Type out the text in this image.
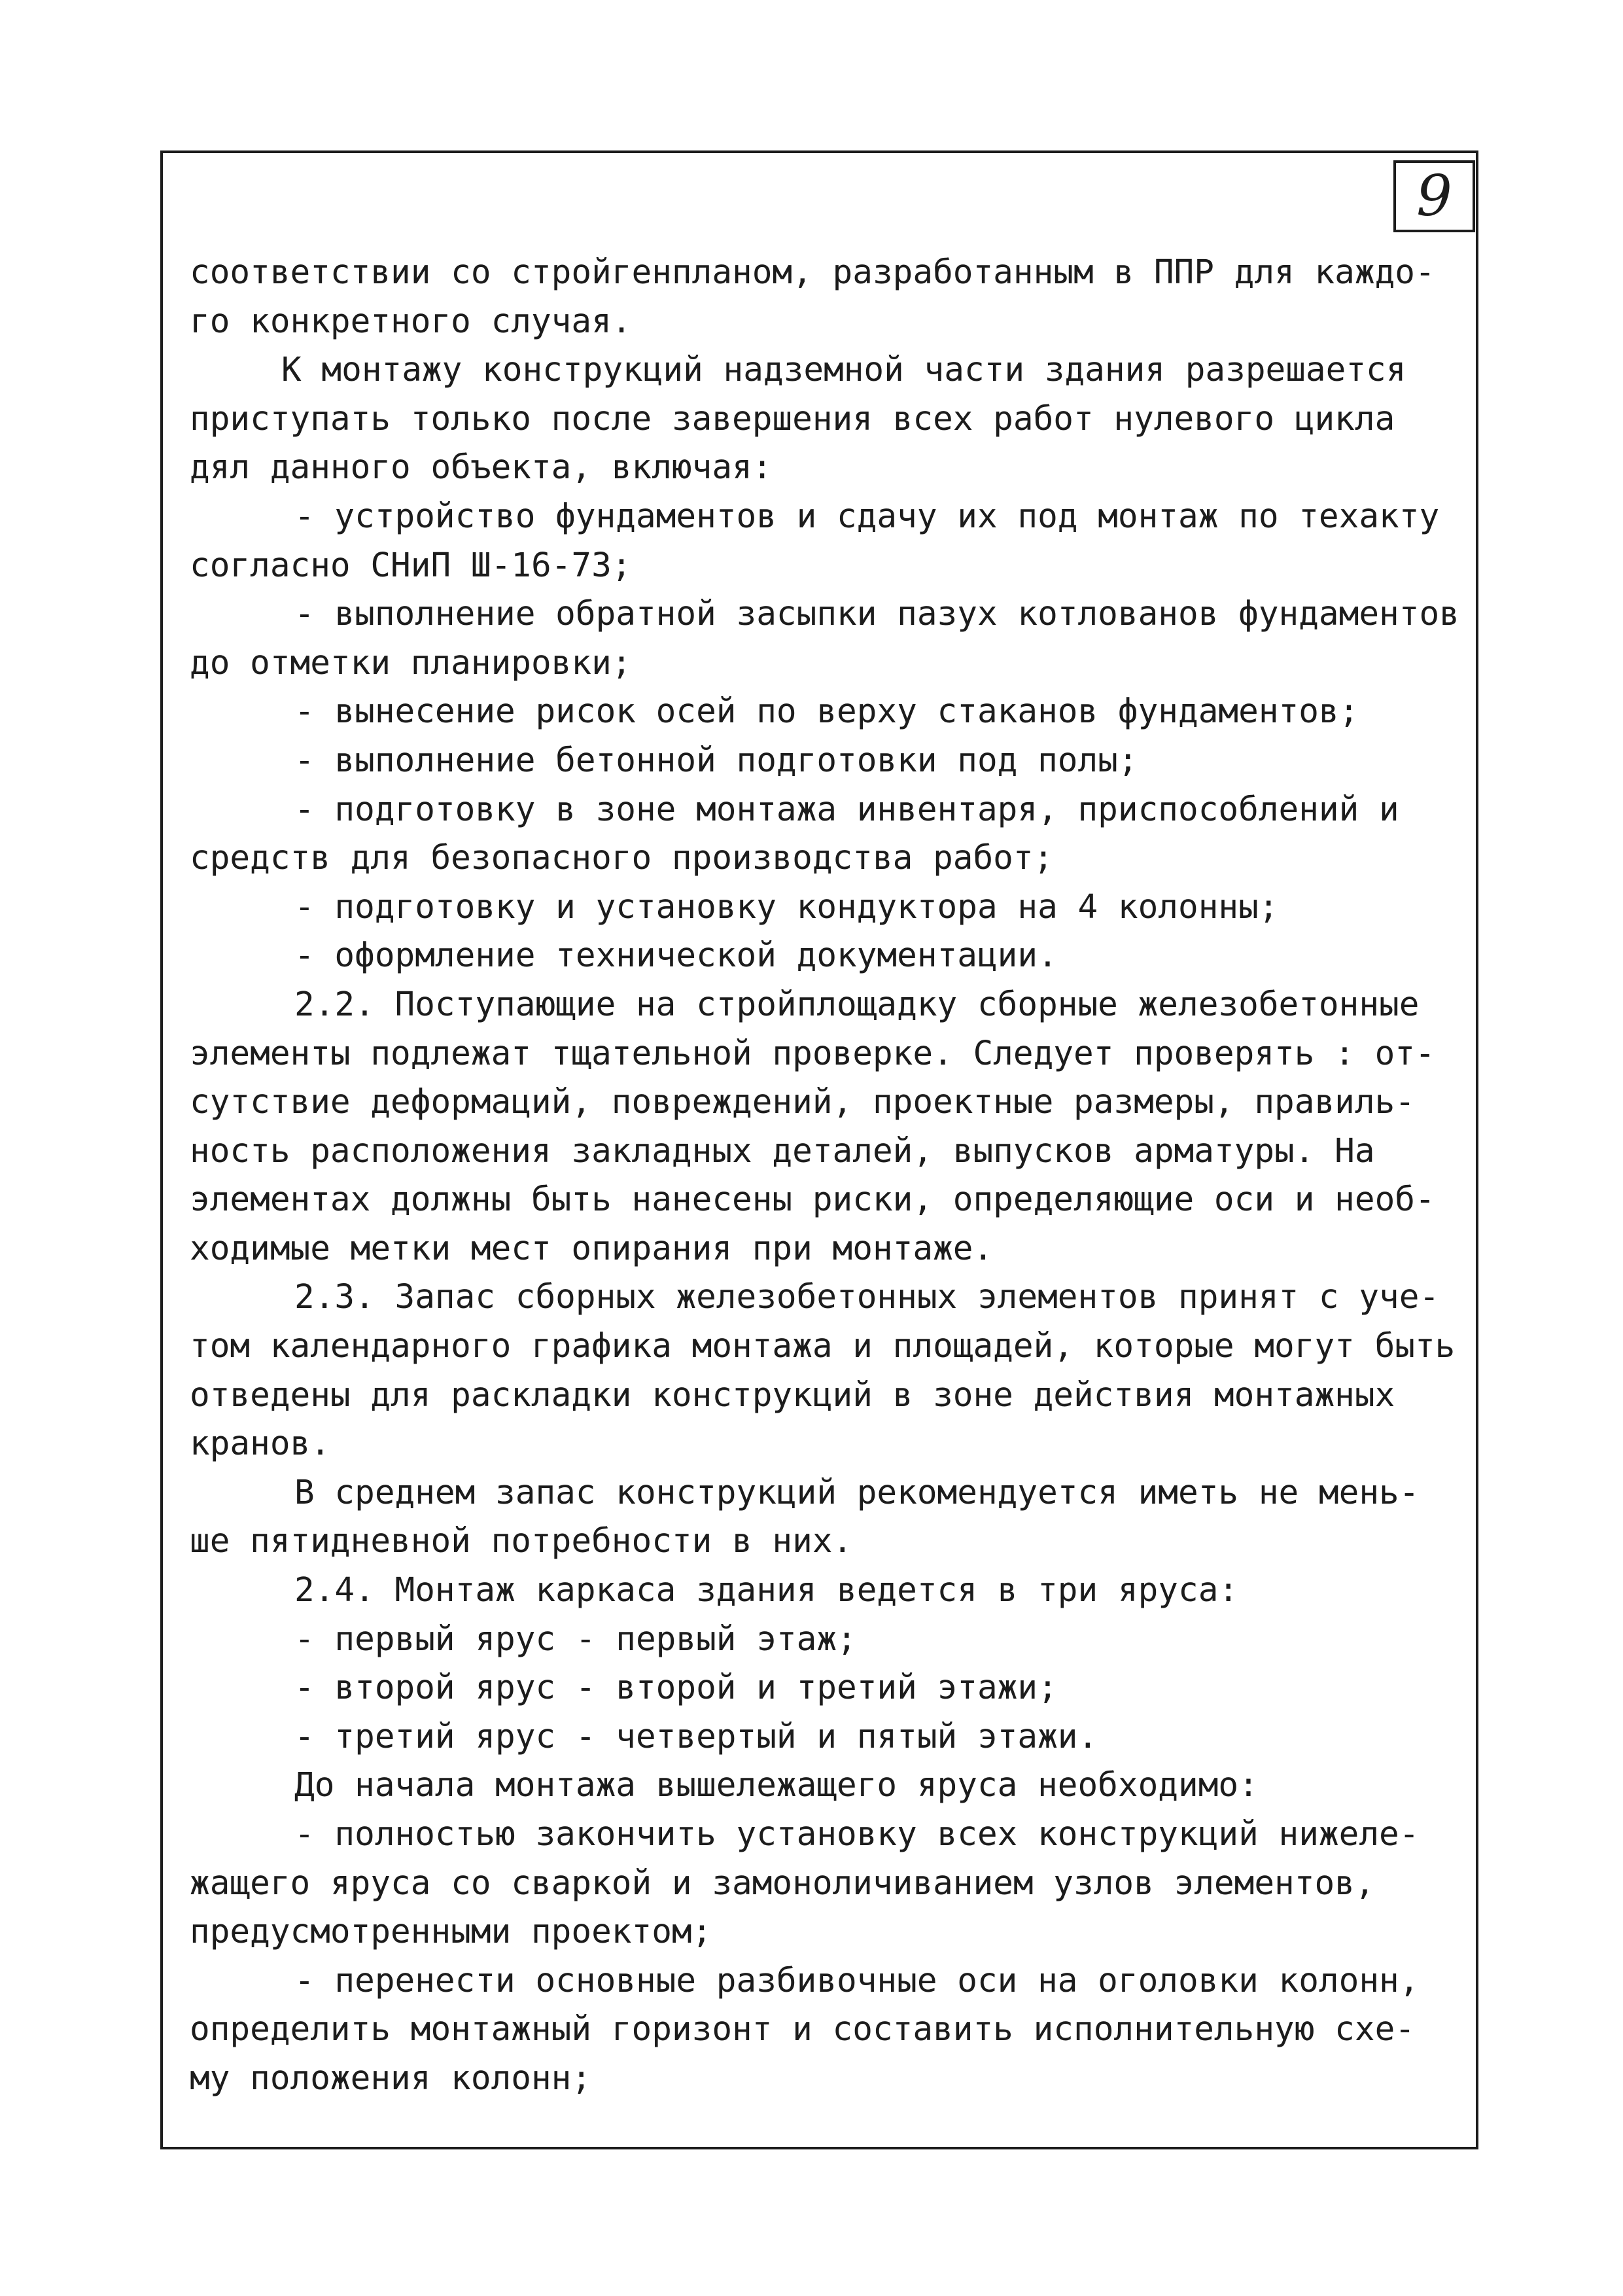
9
соответствии со стройгенпланом, разработанным в ППР для каждо-
го конкретного случая.
К монтажу конструкций надземной части здания разрешается
приступать только после завершения всех работ нулевого цикла
дял данного объекта, включая:
- устройство фундаментов и сдачу их под монтаж по техакту
согласно СНиП Ш-16-73;
- выполнение обратной засыпки пазух котлованов фундаментов
до отметки планировки;
- вынесение рисок осей по верху стаканов фундаментов;
- выполнение бетонной подготовки под полы;
- подготовку в зоне монтажа инвентаря, приспособлений и
средств для безопасного производства работ;
- подготовку и установку кондуктора на 4 колонны;
- оформление технической документации.
2.2. Поступающие на стройплощадку сборные железобетонные
элементы подлежат тщательной проверке. Следует проверять : от-
сутствие деформаций, повреждений, проектные размеры, правиль-
ность расположения закладных деталей, выпусков арматуры. На
элементах должны быть нанесены риски, определяющие оси и необ-
ходимые метки мест опирания при монтаже.
2.3. Запас сборных железобетонных элементов принят с уче-
том календарного графика монтажа и площадей, которые могут быть
отведены для раскладки конструкций в зоне действия монтажных
кранов.
В среднем запас конструкций рекомендуется иметь не мень-
ше пятидневной потребности в них.
2.4. Монтаж каркаса здания ведется в три яруса:
- первый ярус - первый этаж;
- второй ярус - второй и третий этажи;
- третий ярус - четвертый и пятый этажи.
До начала монтажа вышележащего яруса необходимо:
- полностью закончить установку всех конструкций нижеле-
жащего яруса со сваркой и замоноличиванием узлов элементов,
предусмотренными проектом;
- перенести основные разбивочные оси на оголовки колонн,
определить монтажный горизонт и составить исполнительную схе-
му положения колонн;
